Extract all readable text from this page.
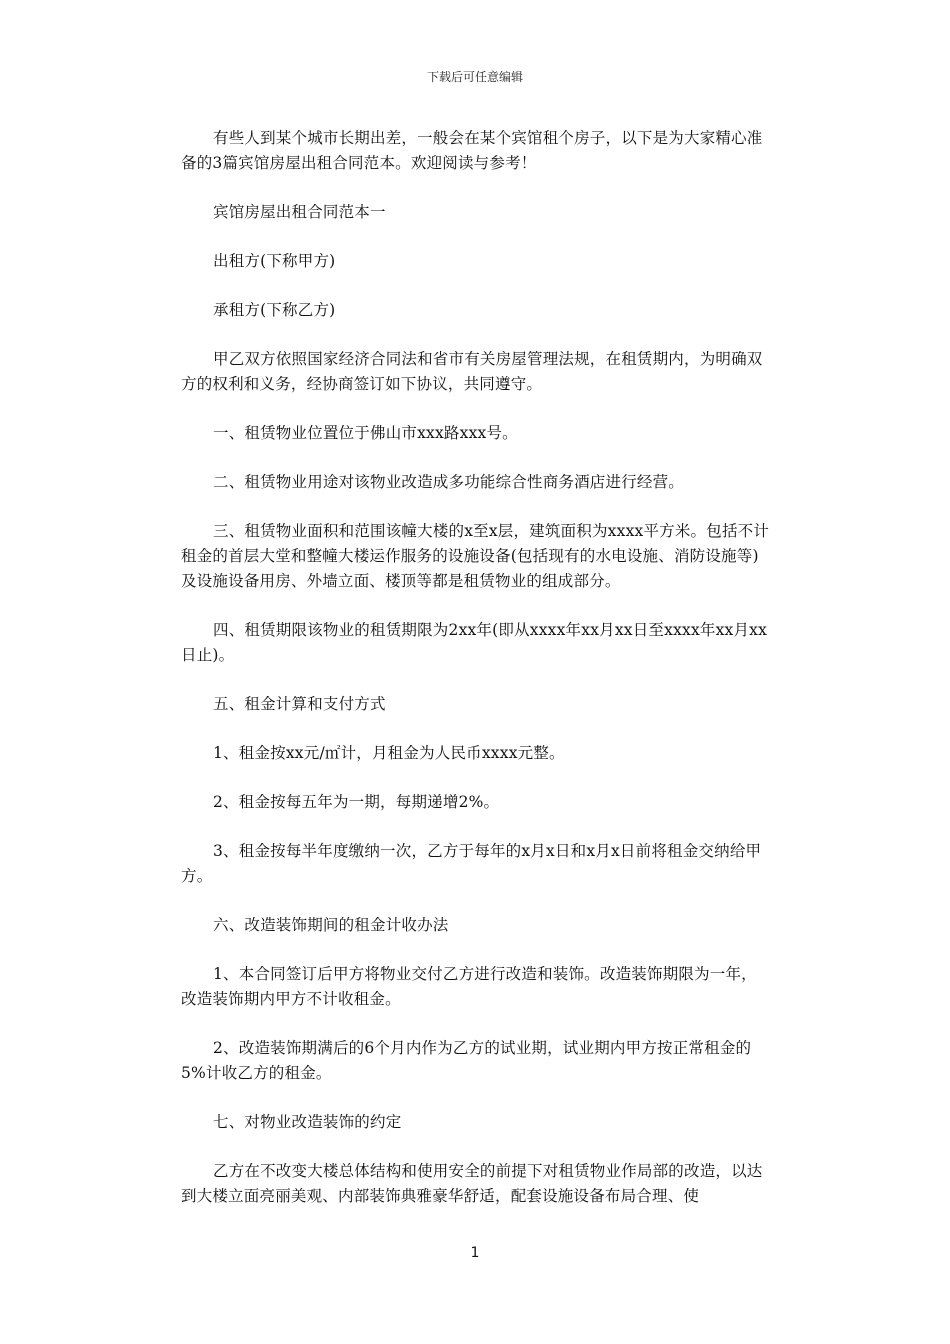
下载后可任意编辑

有些人到某个城市长期出差，一般会在某个宾馆租个房子，以下是为大家精心准备的3篇宾馆房屋出租合同范本。欢迎阅读与参考！

宾馆房屋出租合同范本一

出租方(下称甲方)

承租方(下称乙方)

甲乙双方依照国家经济合同法和省市有关房屋管理法规，在租赁期内，为明确双方的权利和义务，经协商签订如下协议，共同遵守。

一、租赁物业位置位于佛山市xxx路xxx号。

二、租赁物业用途对该物业改造成多功能综合性商务酒店进行经营。

三、租赁物业面积和范围该幢大楼的x至x层，建筑面积为xxxx平方米。包括不计租金的首层大堂和整幢大楼运作服务的设施设备(包括现有的水电设施、消防设施等)及设施设备用房、外墙立面、楼顶等都是租赁物业的组成部分。

四、租赁期限该物业的租赁期限为2xx年(即从xxxx年xx月xx日至xxxx年xx月xx日止)。

五、租金计算和支付方式

1、租金按xx元/㎡计，月租金为人民币xxxx元整。

2、租金按每五年为一期，每期递增2%。

3、租金按每半年度缴纳一次，乙方于每年的x月x日和x月x日前将租金交纳给甲方。

六、改造装饰期间的租金计收办法

1、本合同签订后甲方将物业交付乙方进行改造和装饰。改造装饰期限为一年，改造装饰期内甲方不计收租金。

2、改造装饰期满后的6个月内作为乙方的试业期，试业期内甲方按正常租金的5%计收乙方的租金。

七、对物业改造装饰的约定

乙方在不改变大楼总体结构和使用安全的前提下对租赁物业作局部的改造，以达到大楼立面亮丽美观、内部装饰典雅豪华舒适，配套设施设备布局合理、使

1
